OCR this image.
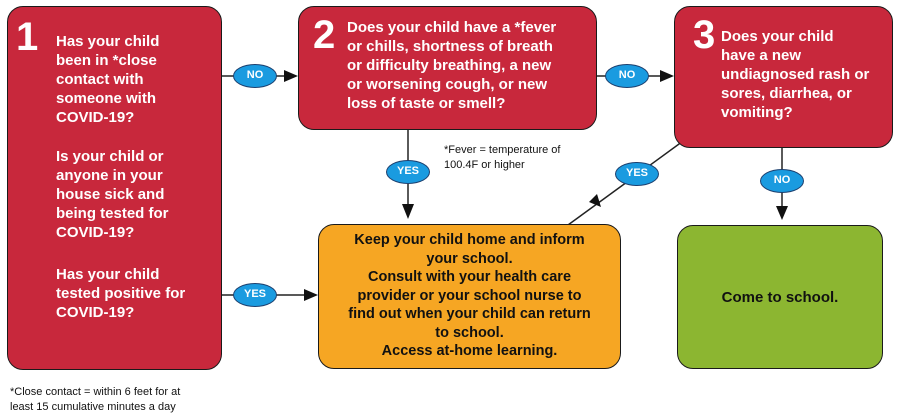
1 Has your child
been in *close
contact with
someone with
COVID-19?
Is your child or
anyone in your
house sick and
being tested for
COVID-19?
Has your child
tested positive for
COVID-19?
2 Does your child have a *fever
or chills, shortness of breath
or difficulty breathing, a new
or worsening cough, or new
loss of taste or smell?
3 Does your child
have a new
undiagnosed rash or
sores, diarrhea, or
vomiting?
Keep your child home and inform
your school.
Consult with your health care
provider or your school nurse to
find out when your child can return
to school.
Access at-home learning.
Come to school.
NO	NO
YES	YES
NO
YES
*Fever = temperature of
100.4F or higher
*Close contact = within 6 feet for at
least 15 cumulative minutes a day
